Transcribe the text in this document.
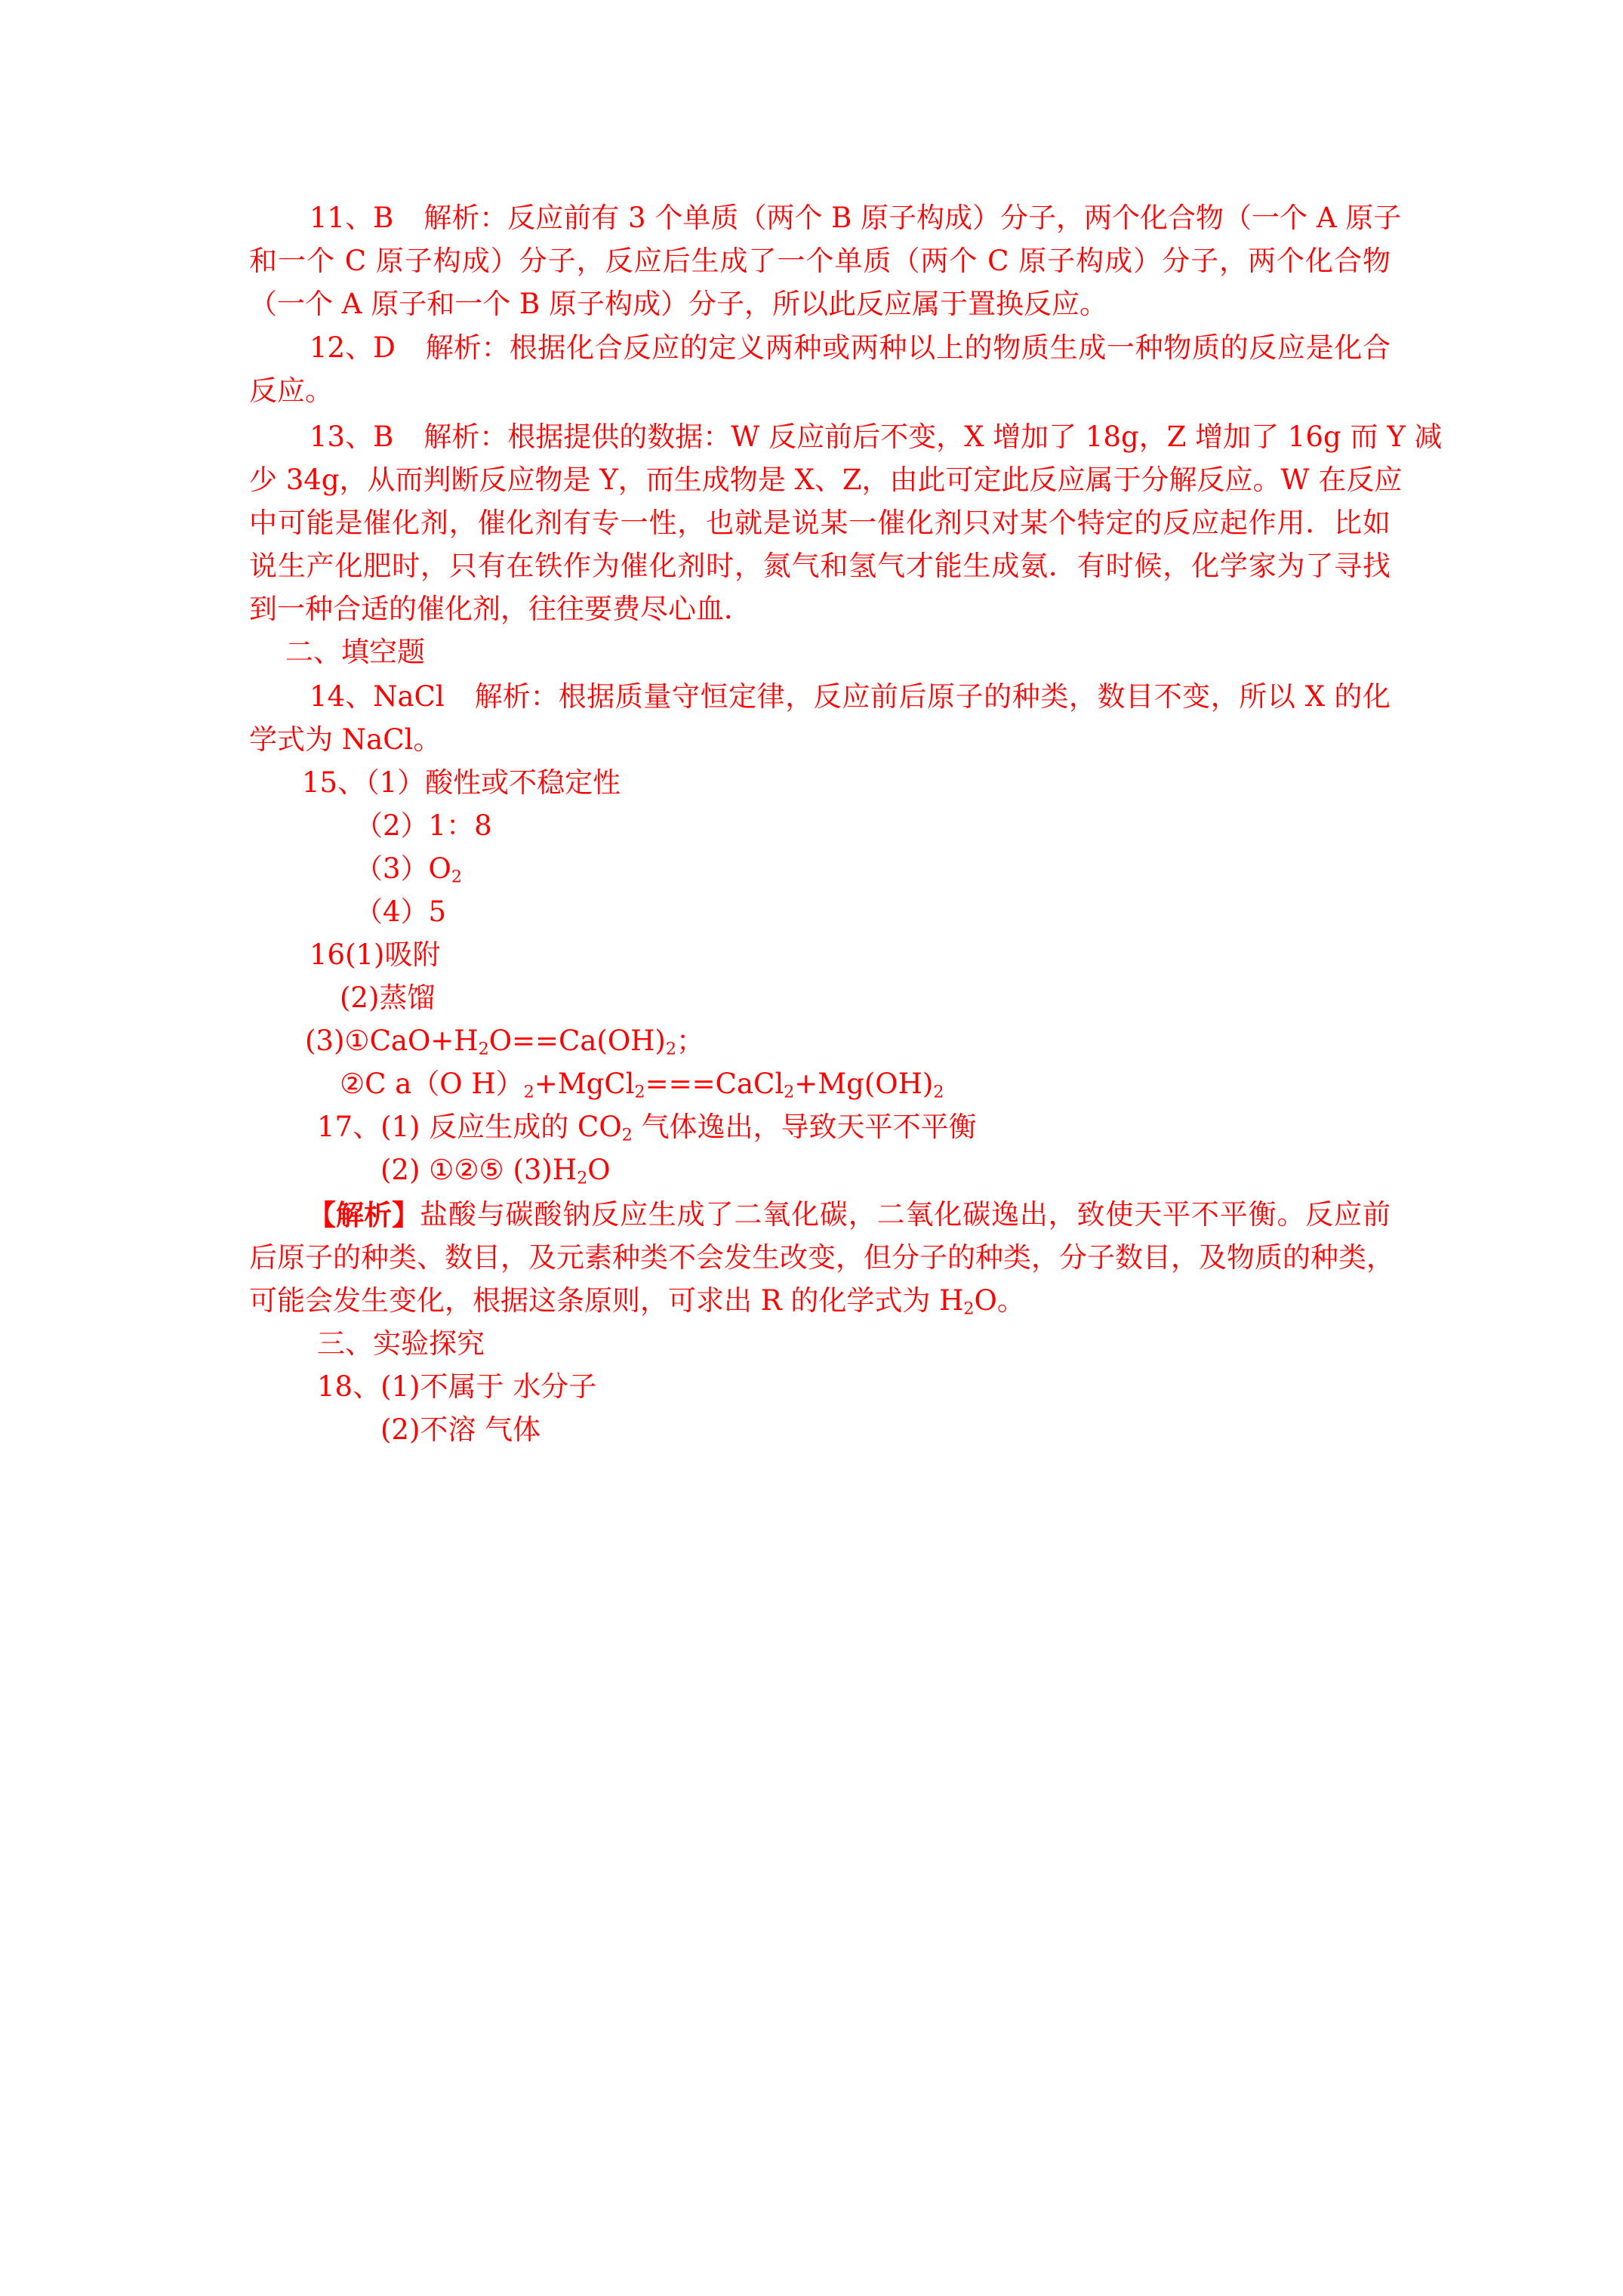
11、B 解析： 反应前有 3 个单质（两个 B 原子构成）分子，两个化合物（一个 A 原子
和一个 C 原子构成）分子，反应后生成了一个单质（两个 C 原子构成）分子，两个化合物
（一个 A 原子和一个 B 原子构成）分子，所以此反应属于置换反应。
12、D 解析： 根据化合反应的定义两种或两种以上的物质生成一种物质的反应是化合
反应。
13、B 解析： 根据提供的数据：W 反应前后不变，X 增加了 18g，Z 增加了 16g 而 Y 减
少 34g，从而判断反应物是 Y，而生成物是 X、Z，由此可定此反应属于分解反应。W 在反应
中可能是催化剂，催化剂有专一性，也就是说某一催化剂只对某个特定的反应起作用．比如
说生产化肥时，只有在铁作为催化剂时，氮气和氢气才能生成氨．有时候，化学家为了寻找
到一种合适的催化剂，往往要费尽心血．
二、填空题
14、NaCl 解析： 根据质量守恒定律，反应前后原子的种类，数目不变，所以 X 的化
学式为 NaCl。
15、（1）酸性或不稳定性
（2）1：8
$(3)O_2$
（4）5
16(1)吸附
(2)蒸馏
$(3)①CaO+H_2O==Ca(OH)_2$；
②C a（O $H)_2+MgCl_2===CaCl_2+Mg(OH)_2$
17、(1) 反应生成的 $CO_2$ 气体逸出，导致天平不平衡
(2) ①②⑤ $(3)H_2O$
【解析】 盐酸与碳酸钠反应生成了二氧化碳，二氧化碳逸出，致使天平不平衡。反应前
后原子的种类、数目，及元素种类不会发生改变，但分子的种类，分子数目，及物质的种类，
可能会发生变化，根据这条原则，可求出 R 的化学式为 $H_2O$。
三、实验探究
18、(1)不属于 水分子
(2)不溶 气体
